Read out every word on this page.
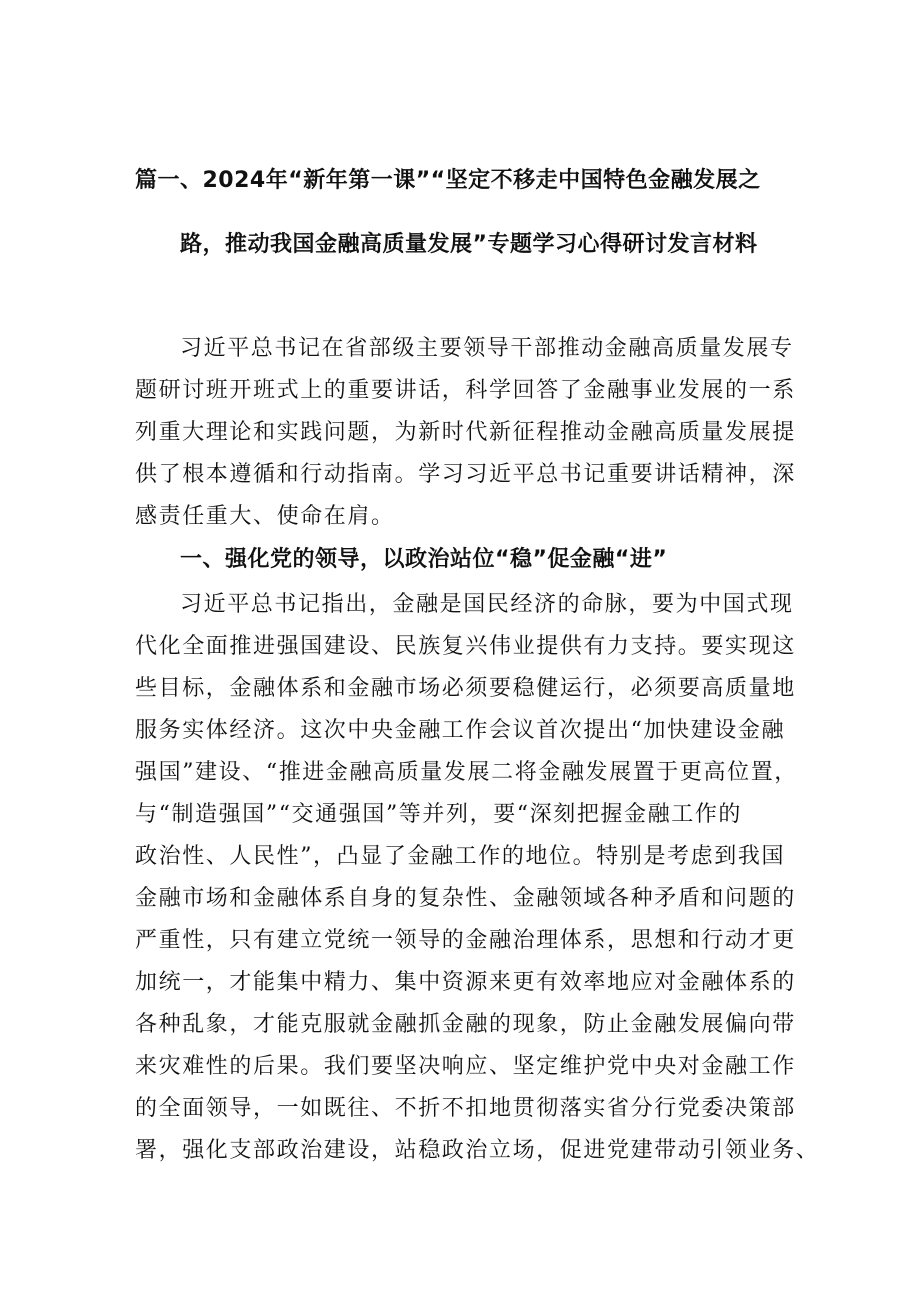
篇一、2024年“新年第一课”“坚定不移走中国特色金融发展之
路，推动我国金融高质量发展”专题学习心得研讨发言材料
习近平总书记在省部级主要领导干部推动金融高质量发展专
题研讨班开班式上的重要讲话，科学回答了金融事业发展的一系
列重大理论和实践问题，为新时代新征程推动金融高质量发展提
供了根本遵循和行动指南。学习习近平总书记重要讲话精神，深
感责任重大、使命在肩。
一、强化党的领导，以政治站位“稳”促金融“进”
习近平总书记指出，金融是国民经济的命脉，要为中国式现
代化全面推进强国建设、民族复兴伟业提供有力支持。要实现这
些目标，金融体系和金融市场必须要稳健运行，必须要高质量地
服务实体经济。这次中央金融工作会议首次提出“加快建设金融
强国”建设、“推进金融高质量发展二将金融发展置于更高位置，
与“制造强国”“交通强国”等并列，要“深刻把握金融工作的
政治性、人民性”，凸显了金融工作的地位。特别是考虑到我国
金融市场和金融体系自身的复杂性、金融领域各种矛盾和问题的
严重性，只有建立党统一领导的金融治理体系，思想和行动才更
加统一，才能集中精力、集中资源来更有效率地应对金融体系的
各种乱象，才能克服就金融抓金融的现象，防止金融发展偏向带
来灾难性的后果。我们要坚决响应、坚定维护党中央对金融工作
的全面领导，一如既往、不折不扣地贯彻落实省分行党委决策部
署，强化支部政治建设，站稳政治立场，促进党建带动引领业务、
